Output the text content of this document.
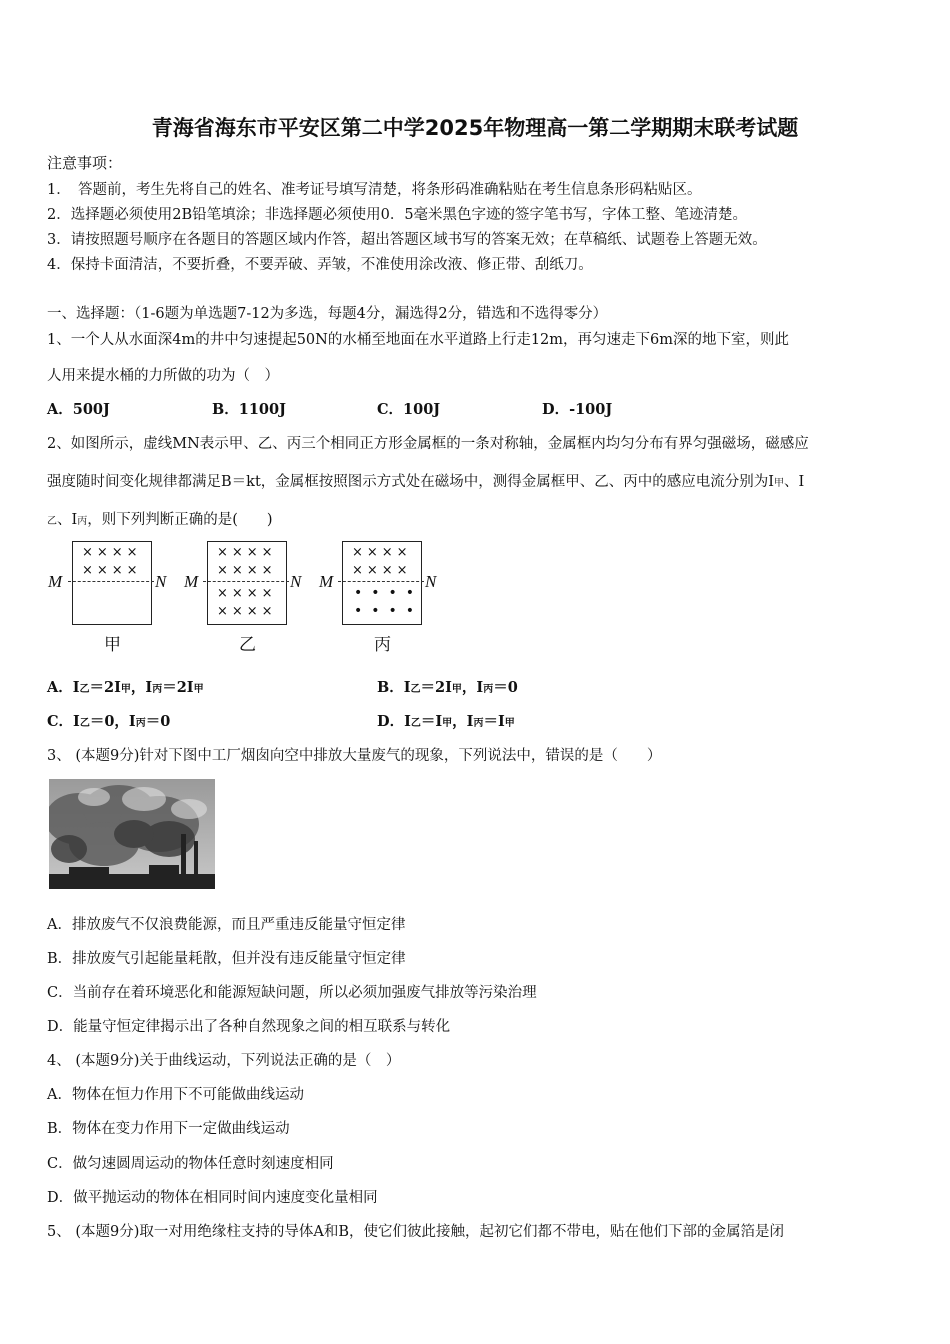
青海省海东市平安区第二中学2025年物理高一第二学期期末联考试题
注意事项：
1．　答题前，考生先将自己的姓名、准考证号填写清楚，将条形码准确粘贴在考生信息条形码粘贴区。
2．选择题必须使用2B铅笔填涂；非选择题必须使用0．5毫米黑色字迹的签字笔书写，字体工整、笔迹清楚。
3．请按照题号顺序在各题目的答题区域内作答，超出答题区域书写的答案无效；在草稿纸、试题卷上答题无效。
4．保持卡面清洁，不要折叠，不要弄破、弄皱，不准使用涂改液、修正带、刮纸刀。
一、选择题：（1-6题为单选题7-12为多选，每题4分，漏选得2分，错选和不选得零分）
1、一个人从水面深4m的井中匀速提起50N的水桶至地面在水平道路上行走12m，再匀速走下6m深的地下室，则此
人用来提水桶的力所做的功为（　）
A．500J	B．1100J	C．100J	D．-100J
2、如图所示，虚线MN表示甲、乙、丙三个相同正方形金属框的一条对称轴，金属框内均匀分布有界匀强磁场，磁感应
强度随时间变化规律都满足B＝kt，金属框按照图示方式处在磁场中，测得金属框甲、乙、丙中的感应电流分别为I甲、I
乙、I丙，则下列判断正确的是(　　)
××××
××××
M	N
甲
××××
××××
××××
××××
M	N
乙
××××
××××
••••
••••
M	N
丙
A．I乙＝2I甲，I丙＝2I甲	B．I乙＝2I甲，I丙＝0
C．I乙＝0，I丙＝0	D．I乙＝I甲，I丙＝I甲
3、 (本题9分)针对下图中工厂烟囱向空中排放大量废气的现象，下列说法中，错误的是（　　）
A．排放废气不仅浪费能源，而且严重违反能量守恒定律
B．排放废气引起能量耗散，但并没有违反能量守恒定律
C．当前存在着环境恶化和能源短缺问题，所以必须加强废气排放等污染治理
D．能量守恒定律揭示出了各种自然现象之间的相互联系与转化
4、 (本题9分)关于曲线运动，下列说法正确的是（　）
A．物体在恒力作用下不可能做曲线运动
B．物体在变力作用下一定做曲线运动
C．做匀速圆周运动的物体任意时刻速度相同
D．做平抛运动的物体在相同时间内速度变化量相同
5、 (本题9分)取一对用绝缘柱支持的导体A和B，使它们彼此接触，起初它们都不带电，贴在他们下部的金属箔是闭
